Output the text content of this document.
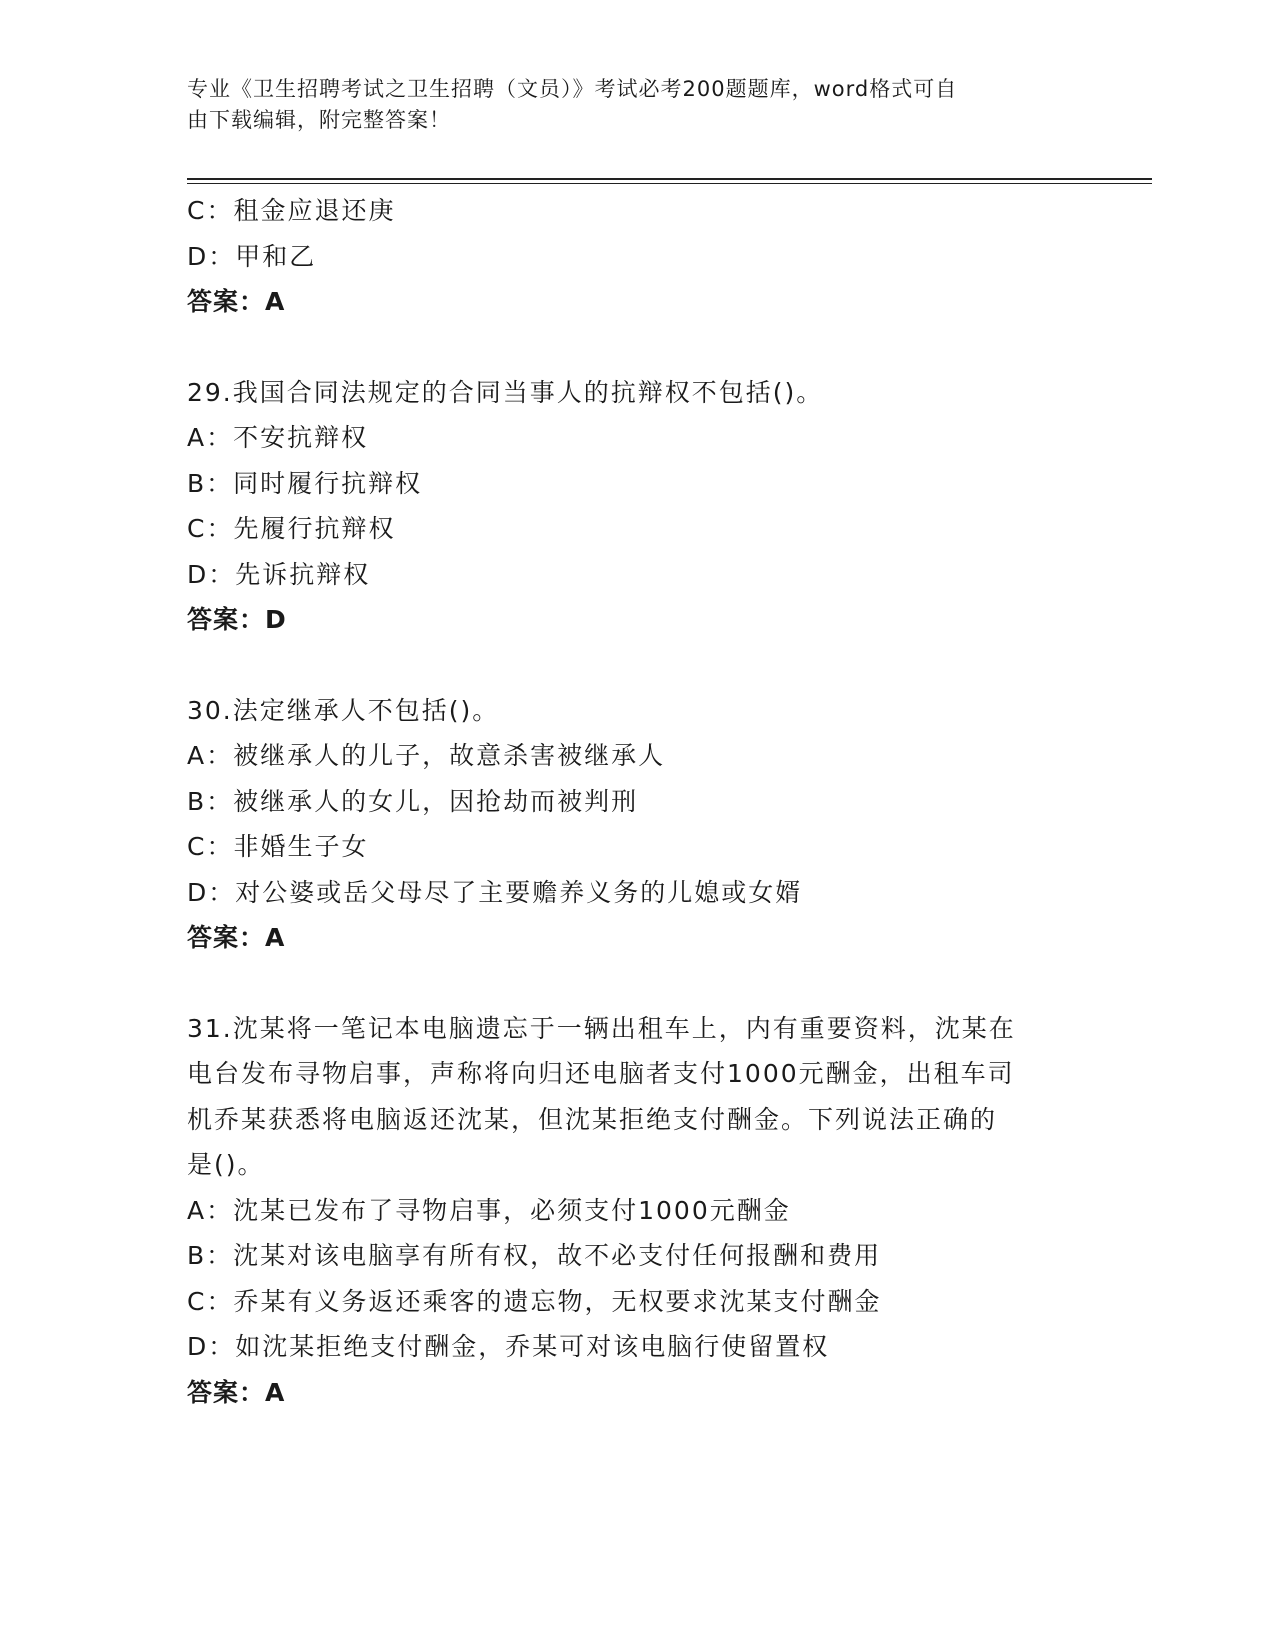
专业《卫生招聘考试之卫生招聘（文员）》考试必考200题题库，word格式可自
由下载编辑，附完整答案！
C：租金应退还庚
D：甲和乙
答案：A
29.我国合同法规定的合同当事人的抗辩权不包括()。
A：不安抗辩权
B：同时履行抗辩权
C：先履行抗辩权
D：先诉抗辩权
答案：D
30.法定继承人不包括()。
A：被继承人的儿子，故意杀害被继承人
B：被继承人的女儿，因抢劫而被判刑
C：非婚生子女
D：对公婆或岳父母尽了主要赡养义务的儿媳或女婿
答案：A
31.沈某将一笔记本电脑遗忘于一辆出租车上，内有重要资料，沈某在
电台发布寻物启事，声称将向归还电脑者支付1000元酬金，出租车司
机乔某获悉将电脑返还沈某，但沈某拒绝支付酬金。下列说法正确的
是()。
A：沈某已发布了寻物启事，必须支付1000元酬金
B：沈某对该电脑享有所有权，故不必支付任何报酬和费用
C：乔某有义务返还乘客的遗忘物，无权要求沈某支付酬金
D：如沈某拒绝支付酬金，乔某可对该电脑行使留置权
答案：A
